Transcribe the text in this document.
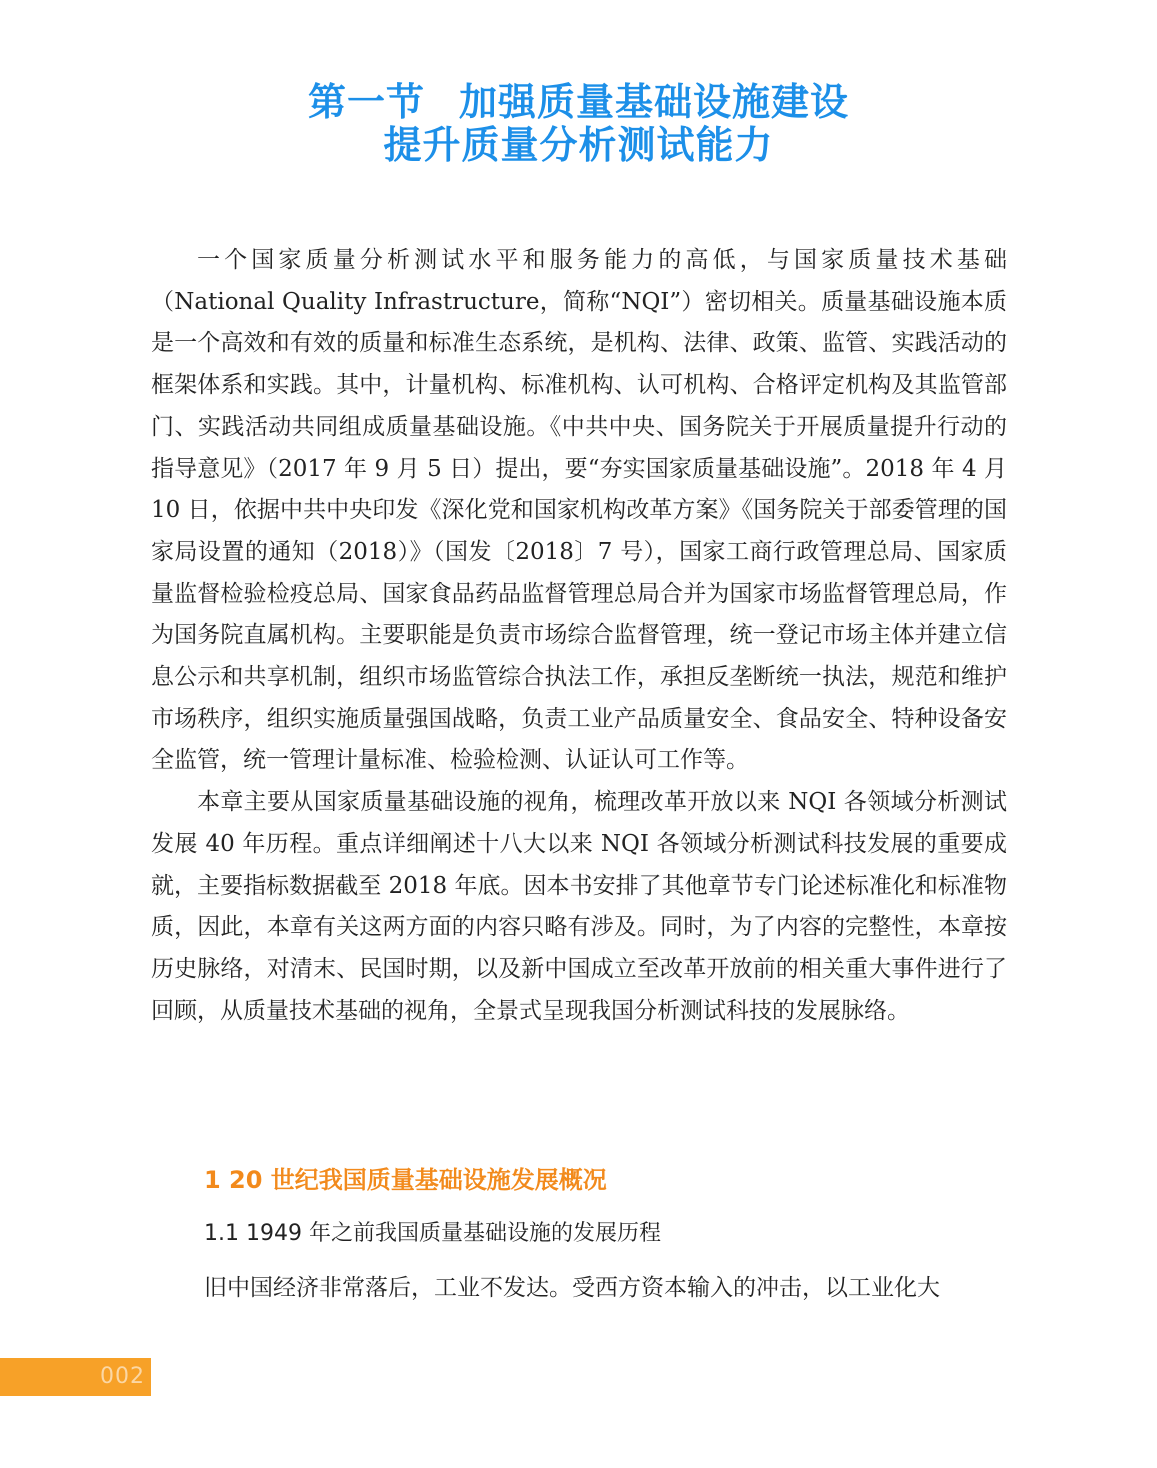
第一节 加强质量基础设施建设
提升质量分析测试能力

一个国家质量分析测试水平和服务能力的高低，与国家质量技术基础（National Quality Infrastructure，简称“NQI”）密切相关。质量基础设施本质是一个高效和有效的质量和标准生态系统，是机构、法律、政策、监管、实践活动的框架体系和实践。其中，计量机构、标准机构、认可机构、合格评定机构及其监管部门、实践活动共同组成质量基础设施。《中共中央、国务院关于开展质量提升行动的指导意见》（2017 年 9 月 5 日）提出，要“夯实国家质量基础设施”。2018 年 4 月 10 日，依据中共中央印发《深化党和国家机构改革方案》《国务院关于部委管理的国家局设置的通知（2018）》（国发〔2018〕7 号），国家工商行政管理总局、国家质量监督检验检疫总局、国家食品药品监督管理总局合并为国家市场监督管理总局，作为国务院直属机构。主要职能是负责市场综合监督管理，统一登记市场主体并建立信息公示和共享机制，组织市场监管综合执法工作，承担反垄断统一执法，规范和维护市场秩序，组织实施质量强国战略，负责工业产品质量安全、食品安全、特种设备安全监管，统一管理计量标准、检验检测、认证认可工作等。

本章主要从国家质量基础设施的视角，梳理改革开放以来 NQI 各领域分析测试发展 40 年历程。重点详细阐述十八大以来 NQI 各领域分析测试科技发展的重要成就，主要指标数据截至 2018 年底。因本书安排了其他章节专门论述标准化和标准物质，因此，本章有关这两方面的内容只略有涉及。同时，为了内容的完整性，本章按历史脉络，对清末、民国时期，以及新中国成立至改革开放前的相关重大事件进行了回顾，从质量技术基础的视角，全景式呈现我国分析测试科技的发展脉络。

1 20 世纪我国质量基础设施发展概况
1.1 1949 年之前我国质量基础设施的发展历程
旧中国经济非常落后，工业不发达。受西方资本输入的冲击，以工业化大
002
